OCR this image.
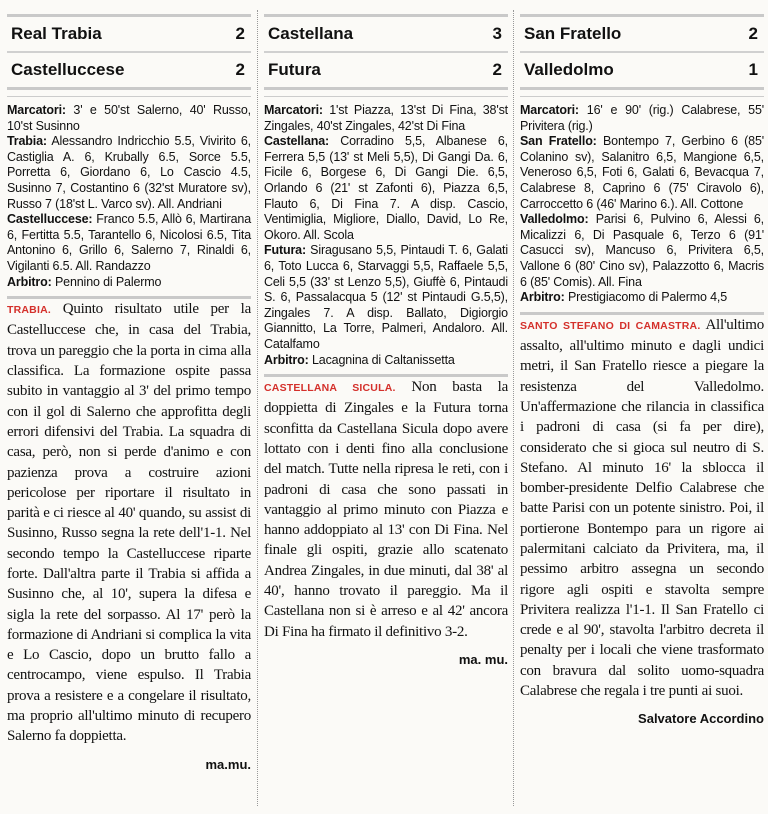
Real Trabia	2
Castelluccese	2

Marcatori: 3' e 50'st Salerno, 40' Russo, 10'st Susinno

Trabia: Alessandro Indricchio 5.5, Vivirito 6, Castiglia A. 6, Krubally 6.5, Sorce 5.5, Porretta 6, Giordano 6, Lo Cascio 4.5, Susinno 7, Costantino 6 (32'st Muratore sv), Russo 7 (18'st L. Varco sv). All. Andriani

Castelluccese: Franco 5.5, Allò 6, Martirana 6, Fertitta 5.5, Tarantello 6, Nicolosi 6.5, Tita Antonino 6, Grillo 6, Salerno 7, Rinaldi 6, Vigilanti 6.5. All. Randazzo

Arbitro: Pennino di Palermo

TRABIA. Quinto risultato utile per la Castelluccese che, in casa del Trabia, trova un pareggio che la porta in cima alla classifica. La formazione ospite passa subito in vantaggio al 3' del primo tempo con il gol di Salerno che approfitta degli errori difensivi del Trabia. La squadra di casa, però, non si perde d'animo e con pazienza prova a costruire azioni pericolose per riportare il risultato in parità e ci riesce al 40' quando, su assist di Susinno, Russo segna la rete dell'1-1. Nel secondo tempo la Castelluccese riparte forte. Dall'altra parte il Trabia si affida a Susinno che, al 10', supera la difesa e sigla la rete del sorpasso. Al 17' però la formazione di Andriani si complica la vita e Lo Cascio, dopo un brutto fallo a centrocampo, viene espulso. Il Trabia prova a resistere e a congelare il risultato, ma proprio all'ultimo minuto di recupero Salerno fa doppietta.

ma.mu.
Castellana	3
Futura	2

Marcatori: 1'st Piazza, 13'st Di Fina, 38'st Zingales, 40'st Zingales, 42'st Di Fina

Castellana: Corradino 5,5, Albanese 6, Ferrera 5,5 (13' st Meli 5,5), Di Gangi Da. 6, Ficile 6, Borgese 6, Di Gangi Die. 6,5, Orlando 6 (21' st Zafonti 6), Piazza 6,5, Flauto 6, Di Fina 7. A disp. Cascio, Ventimiglia, Migliore, Diallo, David, Lo Re, Okoro. All. Scola

Futura: Siragusano 5,5, Pintaudi T. 6, Galati 6, Toto Lucca 6, Starvaggi 5,5, Raffaele 5,5, Celi 5,5 (33' st Lenzo 5,5), Giuffè 6, Pintaudi S. 6, Passalacqua 5 (12' st Pintaudi G.5,5), Zingales 7. A disp. Ballato, Digiorgio Giannitto, La Torre, Palmeri, Andaloro. All. Catalfamo

Arbitro: Lacagnina di Caltanissetta

CASTELLANA SICULA. Non basta la doppietta di Zingales e la Futura torna sconfitta da Castellana Sicula dopo avere lottato con i denti fino alla conclusione del match. Tutte nella ripresa le reti, con i padroni di casa che sono passati in vantaggio al primo minuto con Piazza e hanno addoppiato al 13' con Di Fina. Nel finale gli ospiti, grazie allo scatenato Andrea Zingales, in due minuti, dal 38' al 40', hanno trovato il pareggio. Ma il Castellana non si è arreso e al 42' ancora Di Fina ha firmato il definitivo 3-2.

ma. mu.
San Fratello	2
Valledolmo	1

Marcatori: 16' e 90' (rig.) Calabrese, 55' Privitera (rig.)

San Fratello: Bontempo 7, Gerbino 6 (85' Colanino sv), Salanitro 6,5, Mangione 6,5, Veneroso 6,5, Foti 6, Galati 6, Bevacqua 7, Calabrese 8, Caprino 6 (75' Ciravolo 6), Carroccetto 6 (46' Marino 6.). All. Cottone

Valledolmo: Parisi 6, Pulvino 6, Alessi 6, Micalizzi 6, Di Pasquale 6, Terzo 6 (91' Casucci sv), Mancuso 6, Privitera 6,5, Vallone 6 (80' Cino sv), Palazzotto 6, Macris 6 (85' Comis). All. Fina

Arbitro: Prestigiacomo di Palermo 4,5

SANTO STEFANO DI CAMASTRA. All'ultimo assalto, all'ultimo minuto e dagli undici metri, il San Fratello riesce a piegare la resistenza del Valledolmo. Un'affermazione che rilancia in classifica i padroni di casa (si fa per dire), considerato che si gioca sul neutro di S. Stefano. Al minuto 16' la sblocca il bomber-presidente Delfio Calabrese che batte Parisi con un potente sinistro. Poi, il portierone Bontempo para un rigore ai palermitani calciato da Privitera, ma, il pessimo arbitro assegna un secondo rigore agli ospiti e stavolta sempre Privitera realizza l'1-1. Il San Fratello ci crede e al 90', stavolta l'arbitro decreta il penalty per i locali che viene trasformato con bravura dal solito uomo-squadra Calabrese che regala i tre punti ai suoi.

Salvatore Accordino
